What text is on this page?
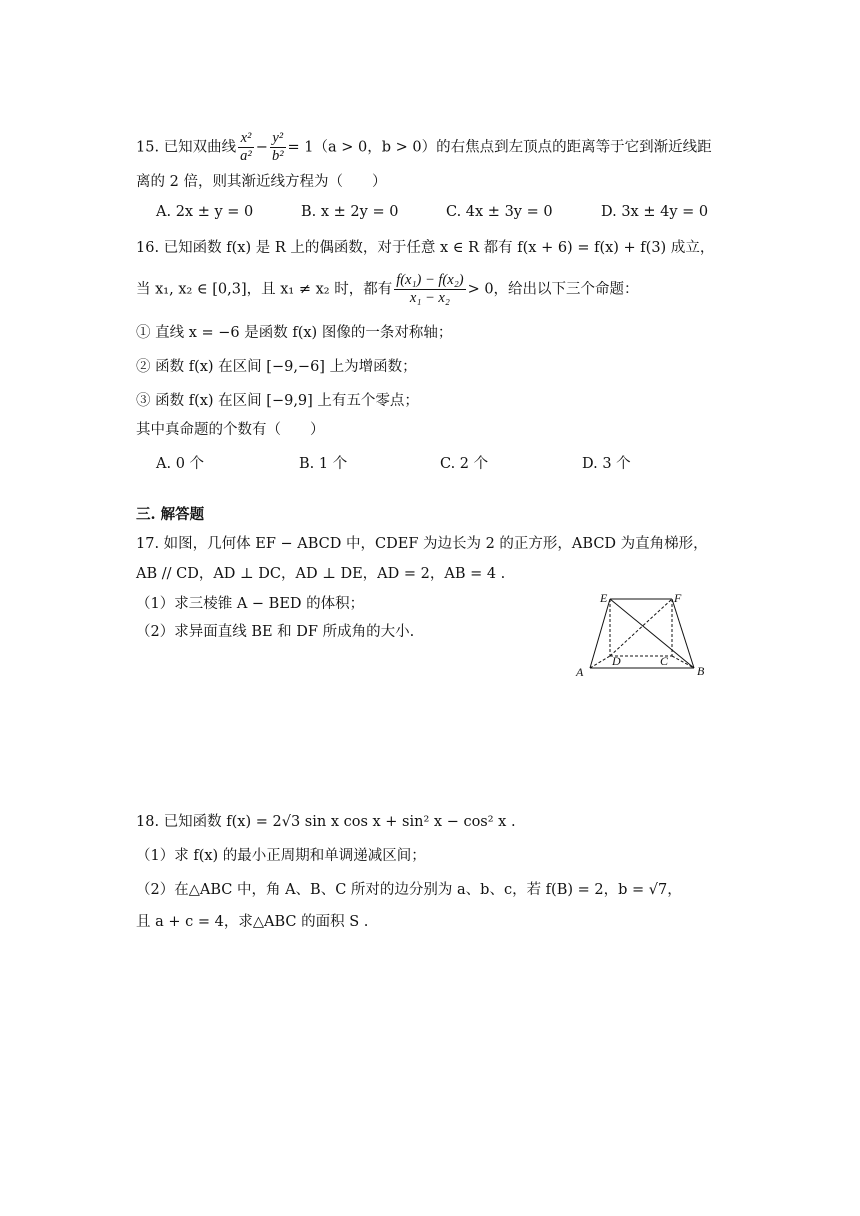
15. 已知双曲线 $\frac{\text{x²}}{\text{a²}} - \frac{\text{y²}}{\text{b²}} = 1(a > 0$，b > 0）的右焦点到左顶点的距离等于它到渐近线距
离的 2 倍，则其渐近线方程为（　　）
A. 2x ± y = 0	B. x ± 2y = 0	C. 4x ± 3y = 0	D. 3x ± 4y = 0
16. 已知函数 f(x) 是 R 上的偶函数，对于任意 x ∈ R 都有 f(x + 6) = f(x) + f(3) 成立，
当 x₁, x₂ ∈ [0,3]，且 x₁ ≠ x₂ 时，都有 $\frac{\text{f(x₁) − f(x₂)}}{\text{x₁ − x₂}} > 0$，给出以下三个命题：
① 直线 x = −6 是函数 f(x) 图像的一条对称轴；
② 函数 f(x) 在区间 [−9,−6] 上为增函数；
③ 函数 f(x) 在区间 [−9,9] 上有五个零点；
其中真命题的个数有（　　）
A. 0 个	B. 1 个	C. 2 个	D. 3 个
三. 解答题
17. 如图，几何体 EF − ABCD 中，CDEF 为边长为 2 的正方形，ABCD 为直角梯形，
AB // CD，AD ⊥ DC，AD ⊥ DE，AD = 2，AB = 4 .
（1）求三棱锥 A − BED 的体积；
（2）求异面直线 BE 和 DF 所成角的大小.
E	F
A	B
C
D
18. 已知函数 f(x) = 2√3 sin x cos x + sin² x − cos² x .
（1）求 f(x) 的最小正周期和单调递减区间；
（2）在△ABC 中，角 A、B、C 所对的边分别为 a、b、c，若 f(B) = 2，b = √7，
且 a + c = 4，求△ABC 的面积 S .
